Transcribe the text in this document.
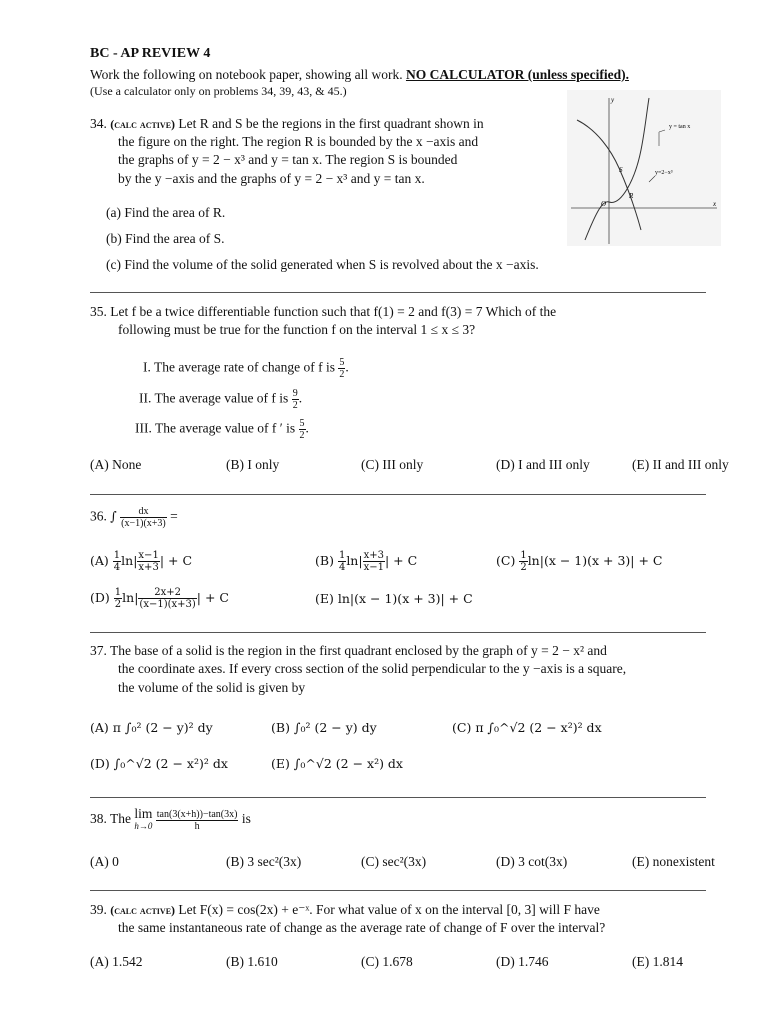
BC - AP REVIEW 4
Work the following on notebook paper, showing all work. NO CALCULATOR (unless specified).
(Use a calculator only on problems 34, 39, 43, & 45.)
34. (calc active) Let R and S be the regions in the first quadrant shown in
the figure on the right. The region R is bounded by the x −axis and
the graphs of y = 2 − x³ and y = tan x. The region S is bounded
by the y −axis and the graphs of y = 2 − x³ and y = tan x.
(a) Find the area of R.
(b) Find the area of S.
(c) Find the volume of the solid generated when S is revolved about the x −axis.
y
x
y = tan x
y=2−x³
S
R
O
35. Let f be a twice differentiable function such that f(1) = 2 and f(3) = 7 Which of the
following must be true for the function f on the interval 1 ≤ x ≤ 3?
I. The average rate of change of f is $\frac{5}{2}$ .
II. The average value of f is $\frac{9}{2}$ .
III. The average value of f ′ is $\frac{5}{2}$ .
(A) None	(B) I only	(C) III only	(D) I and III only	(E) II and III only
36. ∫ $\frac{dx}{(x-1)(x+3)}$ =
$(A) \frac{1}{4} \ln| \frac{x-1}{x+3}$ | + C	$(B) \frac{1}{4} \ln| \frac{x+3}{x-1}$ | + C	$(C) \frac{1}{2} \ln|(x - 1)(x + 3)| + C$
$(D) \frac{1}{2} \ln| \frac{2x+2}{(x-1)(x+3)}$ | + C	(E) ln|(x − 1)(x + 3)| + C
37. The base of a solid is the region in the first quadrant enclosed by the graph of y = 2 − x² and
the coordinate axes. If every cross section of the solid perpendicular to the y −axis is a square,
the volume of the solid is given by
(A) π ∫₀² (2 − y)² dy	(B) ∫₀² (2 − y) dy	(C) π ∫₀^√2 (2 − x²)² dx
(D) ∫₀^√2 (2 − x²)² dx	(E) ∫₀^√2 (2 − x²) dx
38. The lim
h→0
$\frac{\tan(3(x+h))-\tan(3x)}{h}$ is
(A) 0	(B) 3 sec²(3x)	(C) sec²(3x)	(D) 3 cot(3x)	(E) nonexistent
39. (calc active) Let F(x) = cos(2x) + e⁻ˣ. For what value of x on the interval [0, 3] will F have
the same instantaneous rate of change as the average rate of change of F over the interval?
(A) 1.542	(B) 1.610	(C) 1.678	(D) 1.746	(E) 1.814
